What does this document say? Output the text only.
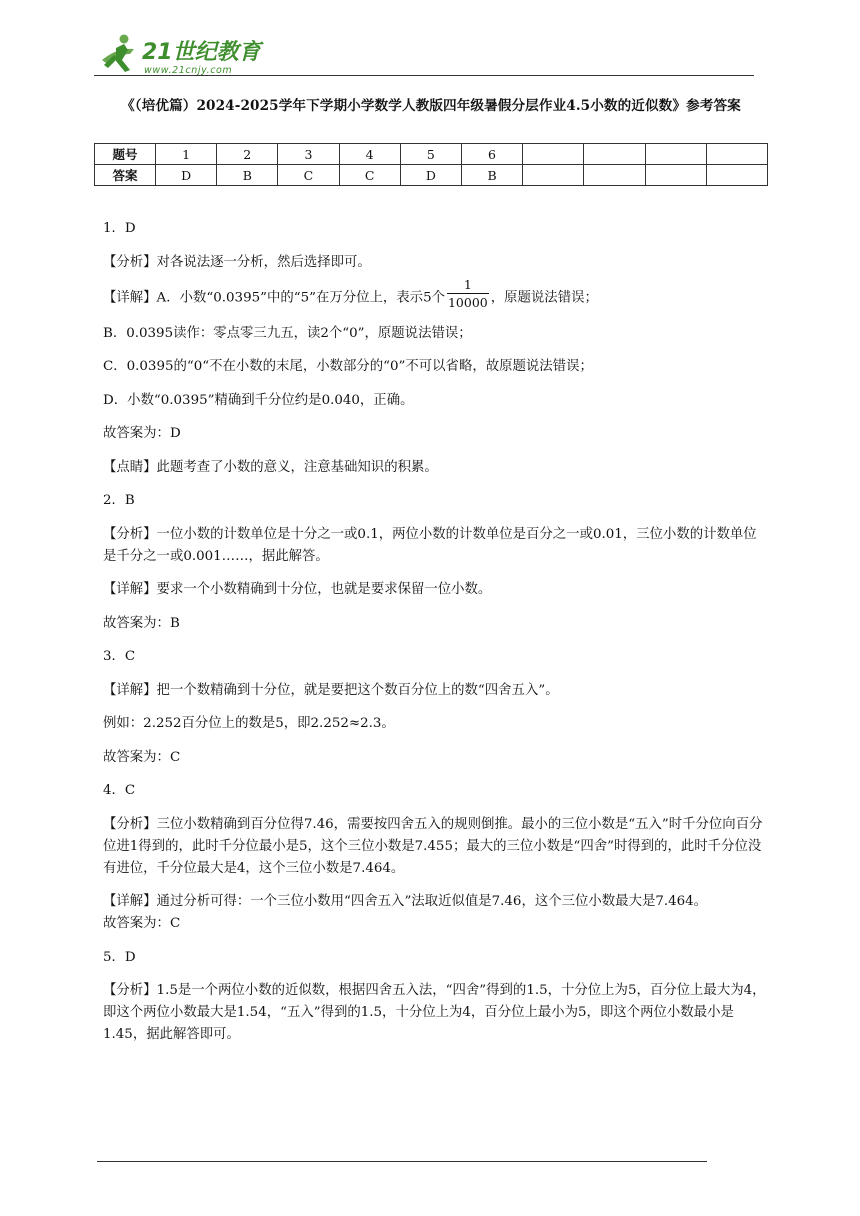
21世纪教育
www.21cnjy.com
《（培优篇）2024-2025学年下学期小学数学人教版四年级暑假分层作业4.5小数的近似数》参考答案
题号	1	2	3	4	5	6				
答案	D	B	C	C	D	B				

1．D

【分析】对各说法逐一分析，然后选择即可。

【详解】A．小数“0.0395”中的“5”在万分位上，表示5个 $\frac{1}{10000}$ ，原题说法错误；

B．0.0395读作：零点零三九五，读2个“0”，原题说法错误；

C．0.0395的“0“不在小数的末尾，小数部分的“0”不可以省略，故原题说法错误；

D．小数“0.0395”精确到千分位约是0.040，正确。

故答案为：D

【点睛】此题考查了小数的意义，注意基础知识的积累。

2．B

【分析】一位小数的计数单位是十分之一或0.1，两位小数的计数单位是百分之一或0.01，三位小数的计数单位是千分之一或0.001……，据此解答。

【详解】要求一个小数精确到十分位，也就是要求保留一位小数。

故答案为：B

3．C

【详解】把一个数精确到十分位，就是要把这个数百分位上的数“四舍五入”。

例如：2.252百分位上的数是5，即2.252≈2.3。

故答案为：C

4．C

【分析】三位小数精确到百分位得7.46，需要按四舍五入的规则倒推。最小的三位小数是“五入”时千分位向百分位进1得到的，此时千分位最小是5，这个三位小数是7.455；最大的三位小数是“四舍”时得到的，此时千分位没有进位，千分位最大是4，这个三位小数是7.464。

【详解】通过分析可得：一个三位小数用“四舍五入”法取近似值是7.46，这个三位小数最大是7.464。

故答案为：C

5．D

【分析】1.5是一个两位小数的近似数，根据四舍五入法，“四舍”得到的1.5，十分位上为5，百分位上最大为4，即这个两位小数最大是1.54，“五入”得到的1.5，十分位上为4，百分位上最小为5，即这个两位小数最小是1.45，据此解答即可。
